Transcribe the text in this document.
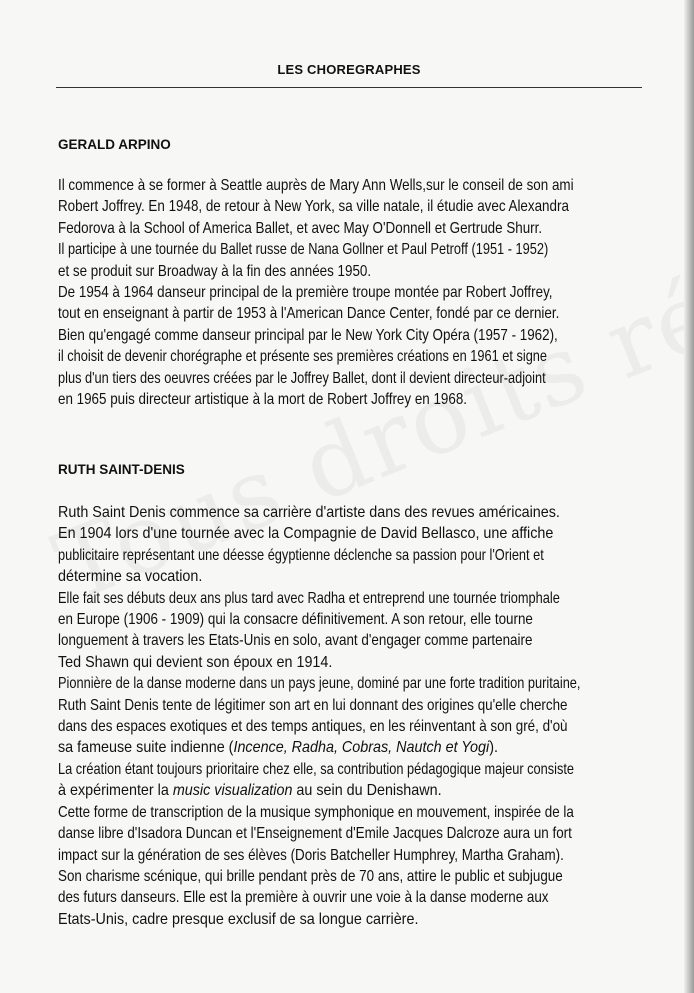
LES CHOREGRAPHES
GERALD ARPINO

Il commence à se former à Seattle auprès de Mary Ann Wells,sur le conseil de son ami
Robert Joffrey. En 1948, de retour à New York, sa ville natale, il étudie avec Alexandra
Fedorova à la School of America Ballet, et avec May O'Donnell et Gertrude Shurr.
Il participe à une tournée du Ballet russe de Nana Gollner et Paul Petroff (1951 - 1952)
et se produit sur Broadway à la fin des années 1950.
De 1954 à 1964 danseur principal de la première troupe montée par Robert Joffrey,
tout en enseignant à partir de 1953 à l'American Dance Center, fondé par ce dernier.
Bien qu'engagé comme danseur principal par le New York City Opéra (1957 - 1962),
il choisit de devenir chorégraphe et présente ses premières créations en 1961 et signe
plus d'un tiers des oeuvres créées par le Joffrey Ballet, dont il devient directeur-adjoint
en 1965 puis directeur artistique à la mort de Robert Joffrey en 1968.

RUTH SAINT-DENIS

Ruth Saint Denis commence sa carrière d'artiste dans des revues américaines.
En 1904 lors d'une tournée avec la Compagnie de David Bellasco, une affiche
publicitaire représentant une déesse égyptienne déclenche sa passion pour l'Orient et
détermine sa vocation.
Elle fait ses débuts deux ans plus tard avec Radha et entreprend une tournée triomphale
en Europe (1906 - 1909) qui la consacre définitivement. A son retour, elle tourne
longuement à travers les Etats-Unis en solo, avant d'engager comme partenaire
Ted Shawn qui devient son époux en 1914.
Pionnière de la danse moderne dans un pays jeune, dominé par une forte tradition puritaine,
Ruth Saint Denis tente de légitimer son art en lui donnant des origines qu'elle cherche
dans des espaces exotiques et des temps antiques, en les réinventant à son gré, d'où
sa fameuse suite indienne (Incence, Radha, Cobras, Nautch et Yogi).
La création étant toujours prioritaire chez elle, sa contribution pédagogique majeur consiste
à expérimenter la music visualization au sein du Denishawn.
Cette forme de transcription de la musique symphonique en mouvement, inspirée de la
danse libre d'Isadora Duncan et l'Enseignement d'Emile Jacques Dalcroze aura un fort
impact sur la génération de ses élèves (Doris Batcheller Humphrey, Martha Graham).
Son charisme scénique, qui brille pendant près de 70 ans, attire le public et subjugue
des futurs danseurs. Elle est la première à ouvrir une voie à la danse moderne aux
Etats-Unis, cadre presque exclusif de sa longue carrière.
